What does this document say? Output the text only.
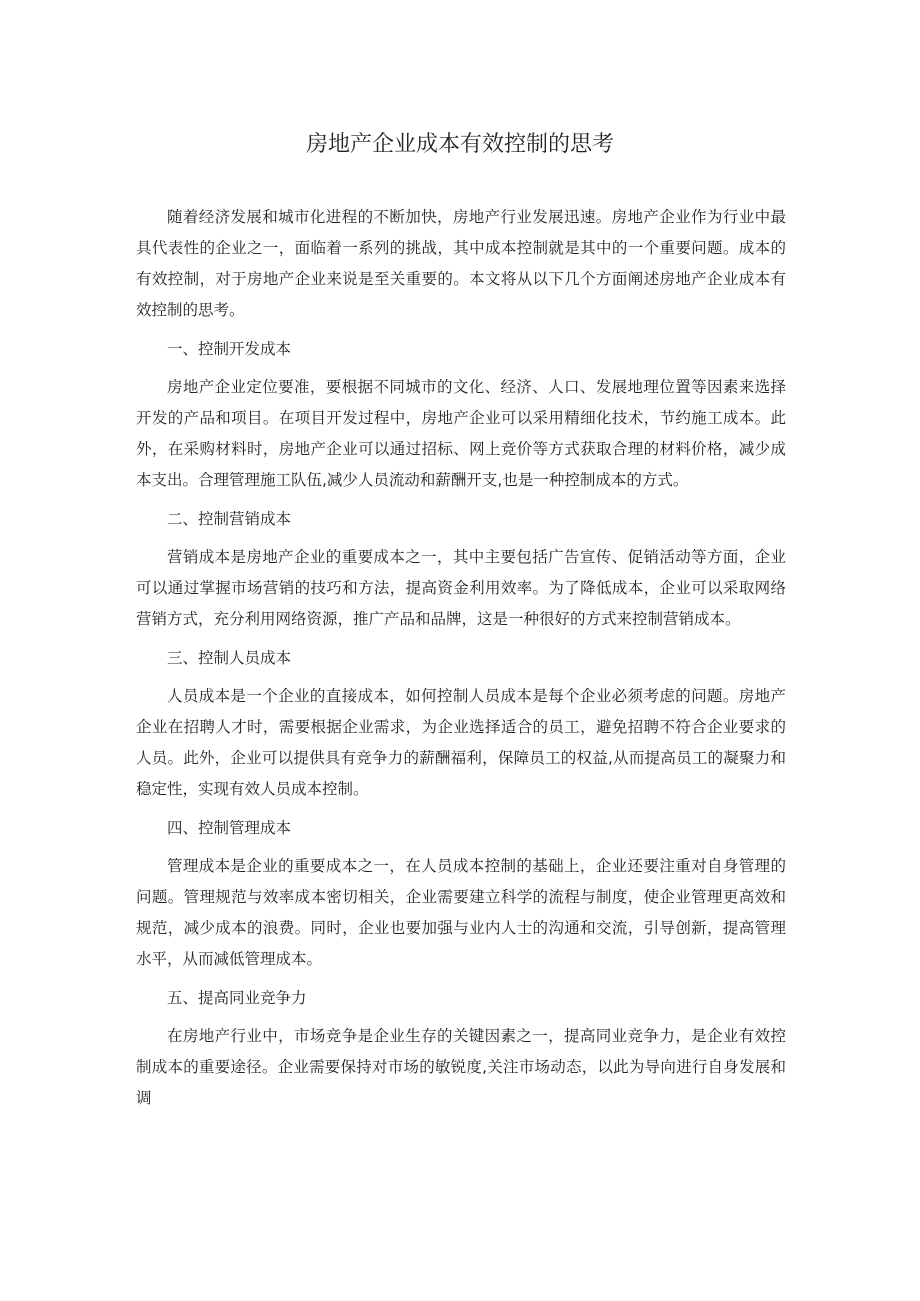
房地产企业成本有效控制的思考

随着经济发展和城市化进程的不断加快，房地产行业发展迅速。房地产企业作为行业中最具代表性的企业之一，面临着一系列的挑战，其中成本控制就是其中的一个重要问题。成本的有效控制，对于房地产企业来说是至关重要的。本文将从以下几个方面阐述房地产企业成本有效控制的思考。

一、控制开发成本

房地产企业定位要准，要根据不同城市的文化、经济、人口、发展地理位置等因素来选择开发的产品和项目。在项目开发过程中，房地产企业可以采用精细化技术，节约施工成本。此外，在采购材料时，房地产企业可以通过招标、网上竞价等方式获取合理的材料价格，减少成本支出。合理管理施工队伍,减少人员流动和薪酬开支,也是一种控制成本的方式。

二、控制营销成本

营销成本是房地产企业的重要成本之一，其中主要包括广告宣传、促销活动等方面，企业可以通过掌握市场营销的技巧和方法，提高资金利用效率。为了降低成本，企业可以采取网络营销方式，充分利用网络资源，推广产品和品牌，这是一种很好的方式来控制营销成本。

三、控制人员成本

人员成本是一个企业的直接成本，如何控制人员成本是每个企业必须考虑的问题。房地产企业在招聘人才时，需要根据企业需求，为企业选择适合的员工，避免招聘不符合企业要求的人员。此外，企业可以提供具有竞争力的薪酬福利，保障员工的权益,从而提高员工的凝聚力和稳定性，实现有效人员成本控制。

四、控制管理成本

管理成本是企业的重要成本之一，在人员成本控制的基础上，企业还要注重对自身管理的问题。管理规范与效率成本密切相关，企业需要建立科学的流程与制度，使企业管理更高效和规范，减少成本的浪费。同时，企业也要加强与业内人士的沟通和交流，引导创新，提高管理水平，从而减低管理成本。

五、提高同业竞争力

在房地产行业中，市场竞争是企业生存的关键因素之一，提高同业竞争力，是企业有效控制成本的重要途径。企业需要保持对市场的敏锐度,关注市场动态，以此为导向进行自身发展和调
